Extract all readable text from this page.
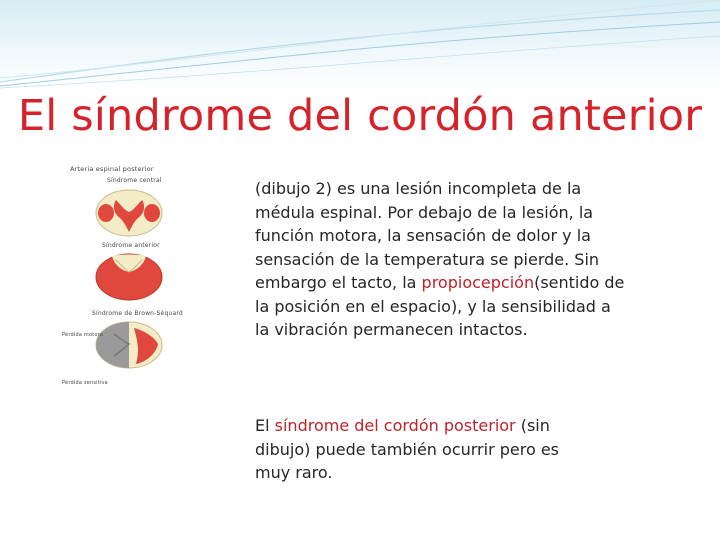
El síndrome del cordón anterior
Arteria espinal posterior
Síndrome central
Síndrome anterior
Síndrome de Brown-Séquard
Pérdida motora
Pérdida sensitiva
(dibujo 2) es una lesión incompleta de la médula espinal. Por debajo de la lesión, la función motora, la sensación de dolor y la sensación de la temperatura se pierde. Sin embargo el tacto, la propiocepción(sentido de la posición en el espacio), y la sensibilidad a la vibración permanecen intactos.
El síndrome del cordón posterior (sin dibujo) puede también ocurrir pero es muy raro.
